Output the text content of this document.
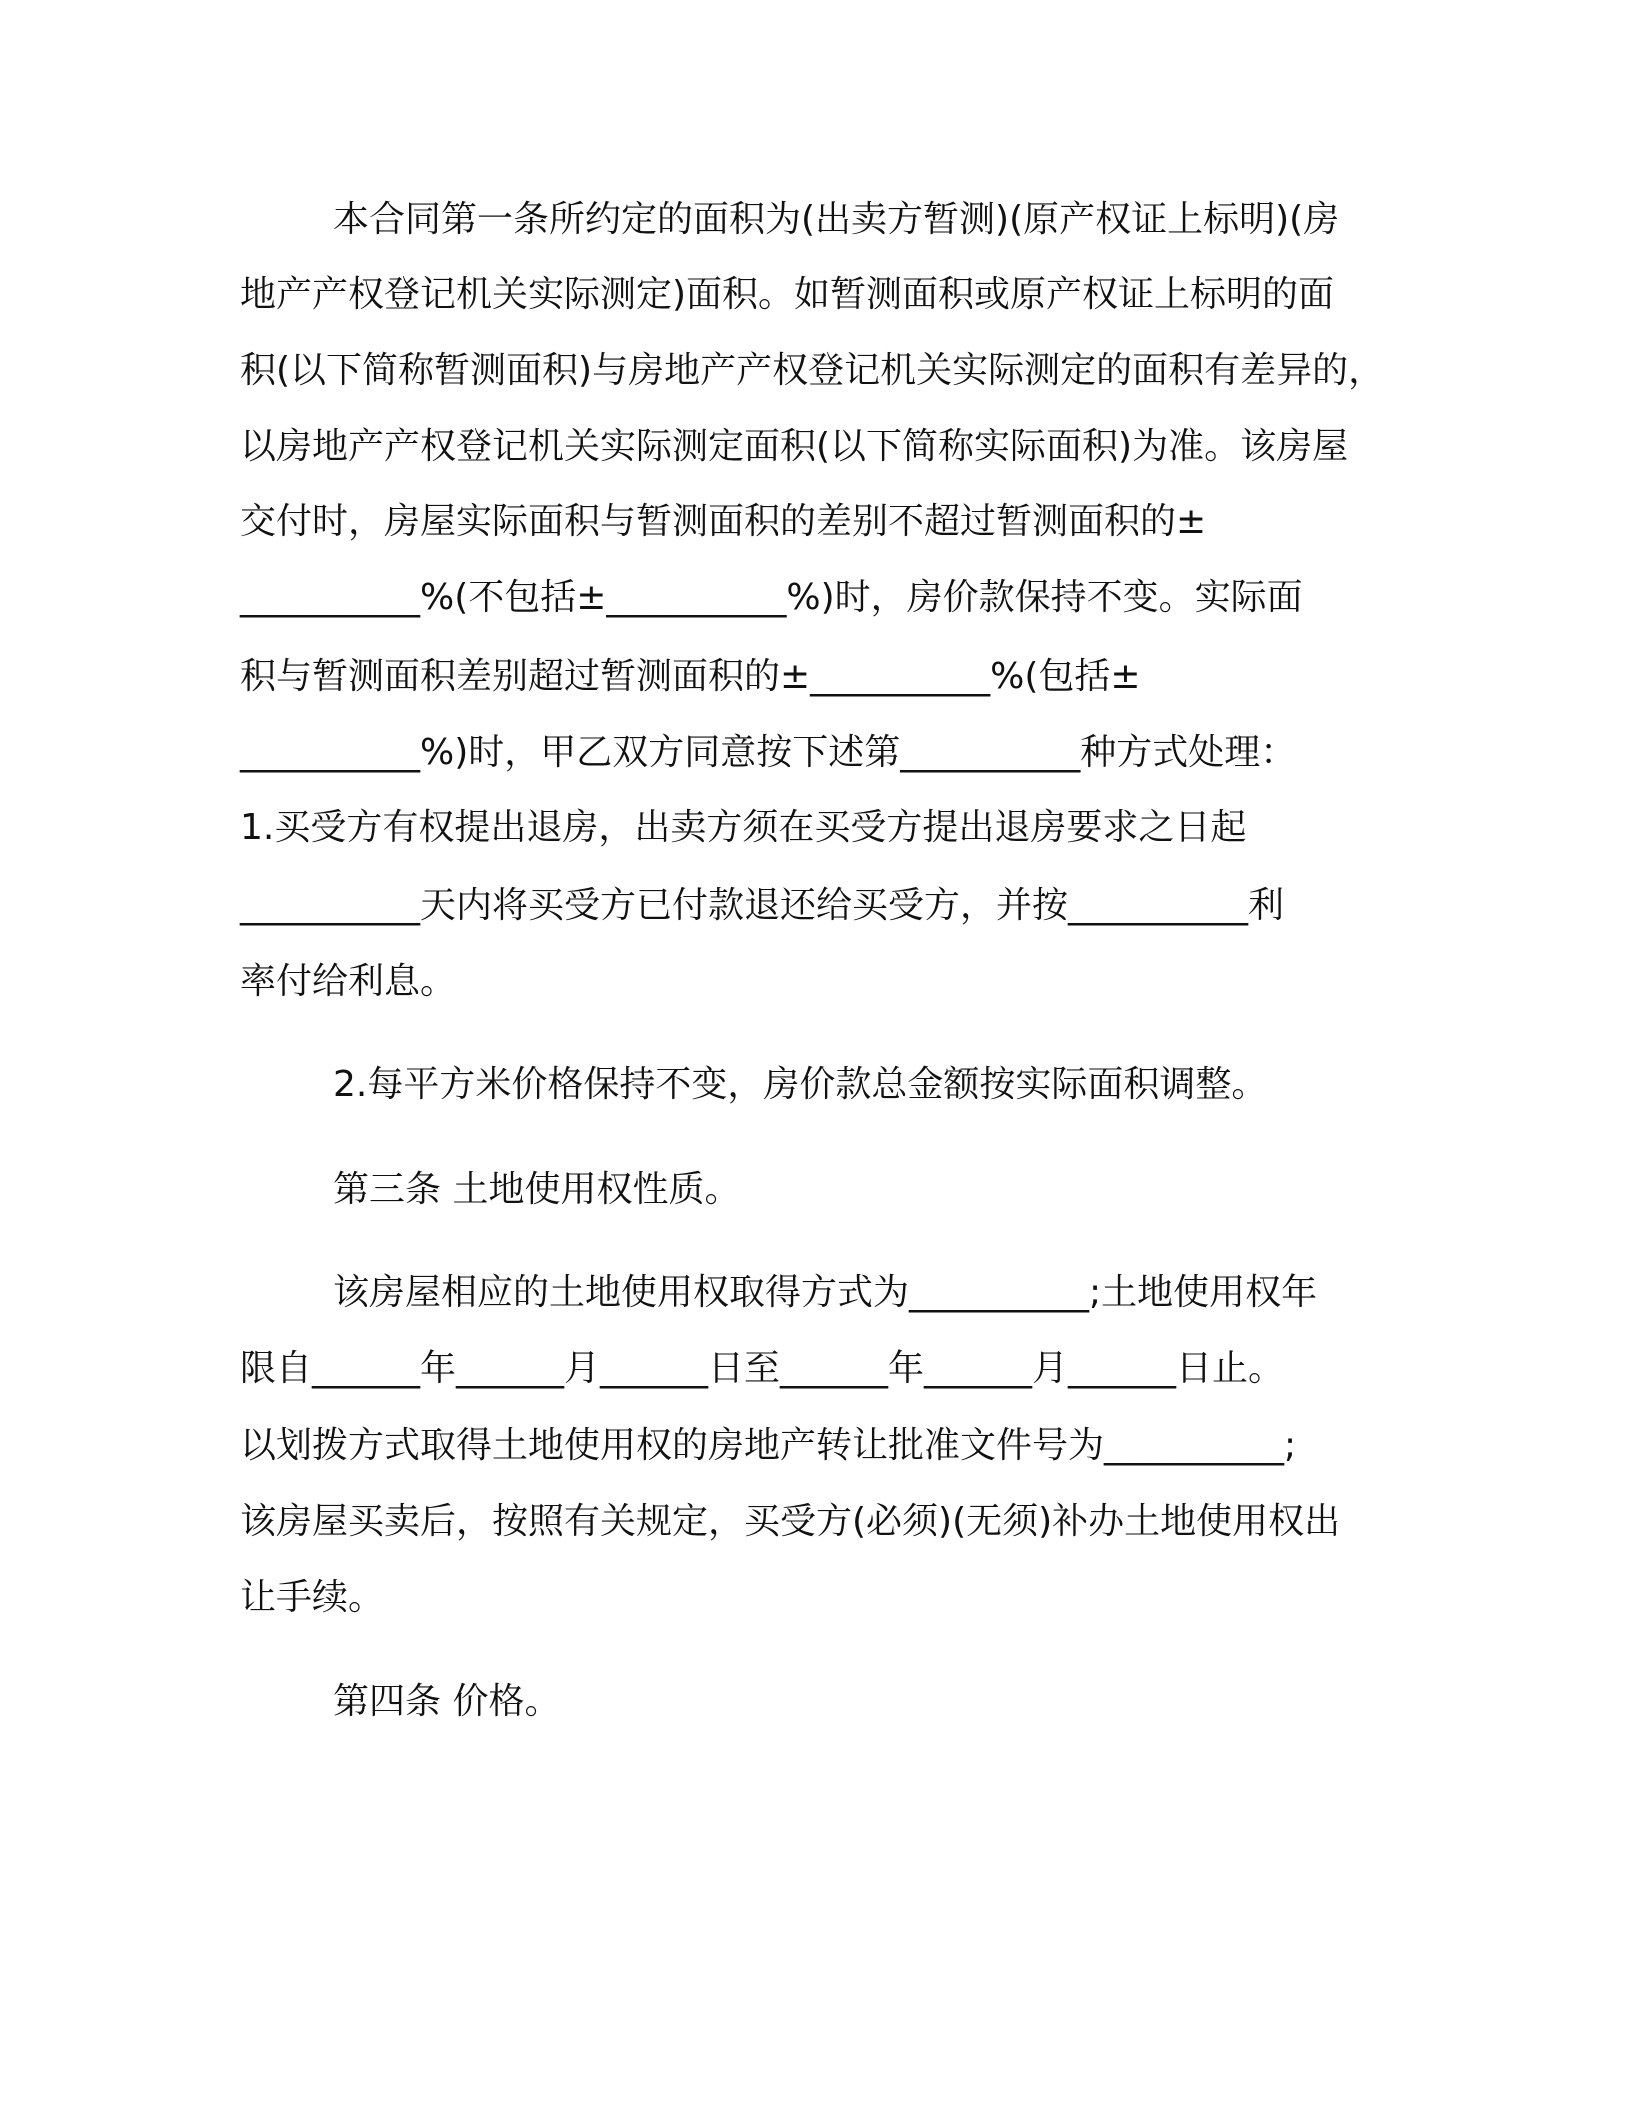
本合同第一条所约定的面积为(出卖方暂测)(原产权证上标明)(房
地产产权登记机关实际测定)面积。如暂测面积或原产权证上标明的面
积(以下简称暂测面积)与房地产产权登记机关实际测定的面积有差异的，
以房地产产权登记机关实际测定面积(以下简称实际面积)为准。该房屋
交付时，房屋实际面积与暂测面积的差别不超过暂测面积的±
__________%(不包括±__________%)时，房价款保持不变。实际面
积与暂测面积差别超过暂测面积的±__________%(包括±
__________%)时，甲乙双方同意按下述第__________种方式处理：
1.买受方有权提出退房，出卖方须在买受方提出退房要求之日起
__________天内将买受方已付款退还给买受方，并按__________利
率付给利息。
2.每平方米价格保持不变，房价款总金额按实际面积调整。
第三条 土地使用权性质。
该房屋相应的土地使用权取得方式为__________;土地使用权年
限自______年______月______日至______年______月______日止。
以划拨方式取得土地使用权的房地产转让批准文件号为__________;
该房屋买卖后，按照有关规定，买受方(必须)(无须)补办土地使用权出
让手续。
第四条 价格。
